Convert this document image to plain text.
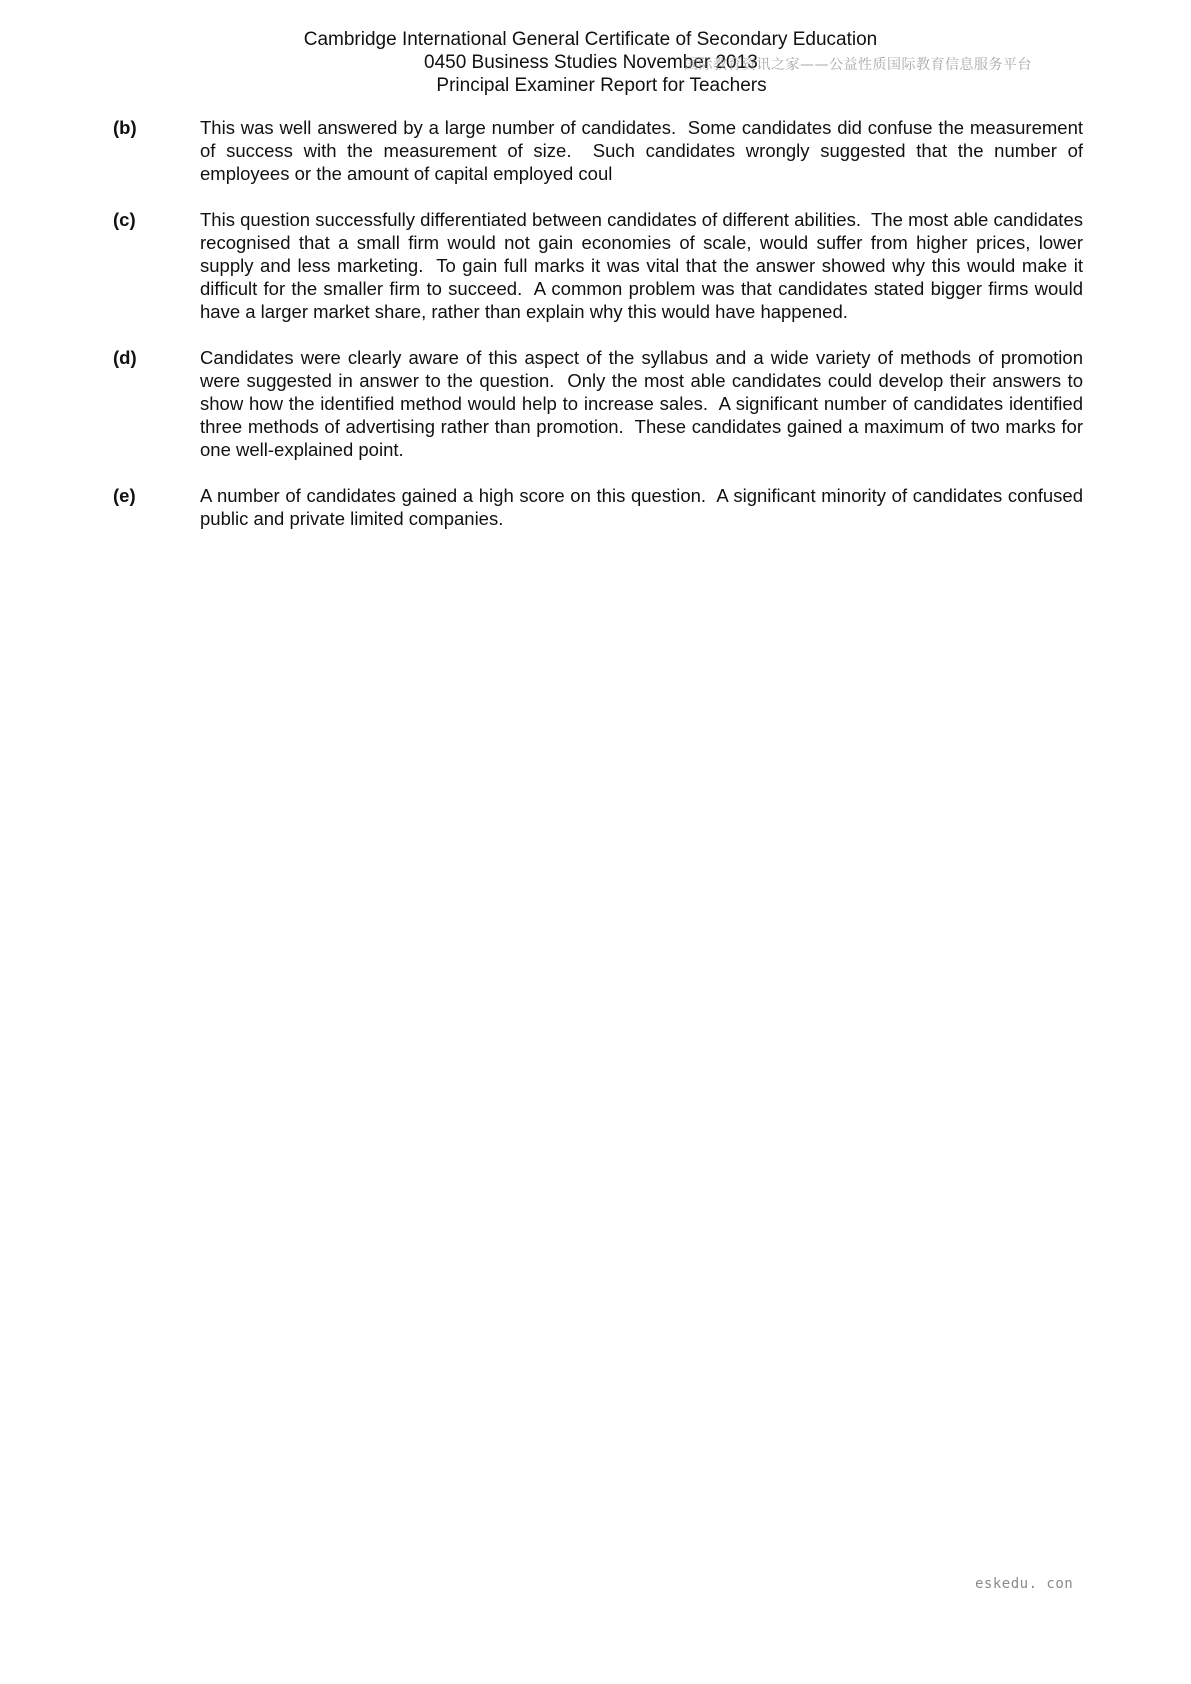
Cambridge International General Certificate of Secondary Education
0450 Business Studies November 2013
国际教育资讯之家——公益性质国际教育信息服务平台
Principal Examiner Report for Teachers
(b)	This was well answered by a large number of candidates.  Some candidates did confuse the measurement of success with the measurement of size.  Such candidates wrongly suggested that the number of employees or the amount of capital employed coul
(c)	This question successfully differentiated between candidates of different abilities.  The most able candidates recognised that a small firm would not gain economies of scale, would suffer from higher prices, lower supply and less marketing.  To gain full marks it was vital that the answer showed why this would make it difficult for the smaller firm to succeed.  A common problem was that candidates stated bigger firms would have a larger market share, rather than explain why this would have happened.
(d)	Candidates were clearly aware of this aspect of the syllabus and a wide variety of methods of promotion were suggested in answer to the question.  Only the most able candidates could develop their answers to show how the identified method would help to increase sales.  A significant number of candidates identified three methods of advertising rather than promotion.  These candidates gained a maximum of two marks for one well-explained point.
(e)	A number of candidates gained a high score on this question.  A significant minority of candidates confused public and private limited companies.
eskedu. con
